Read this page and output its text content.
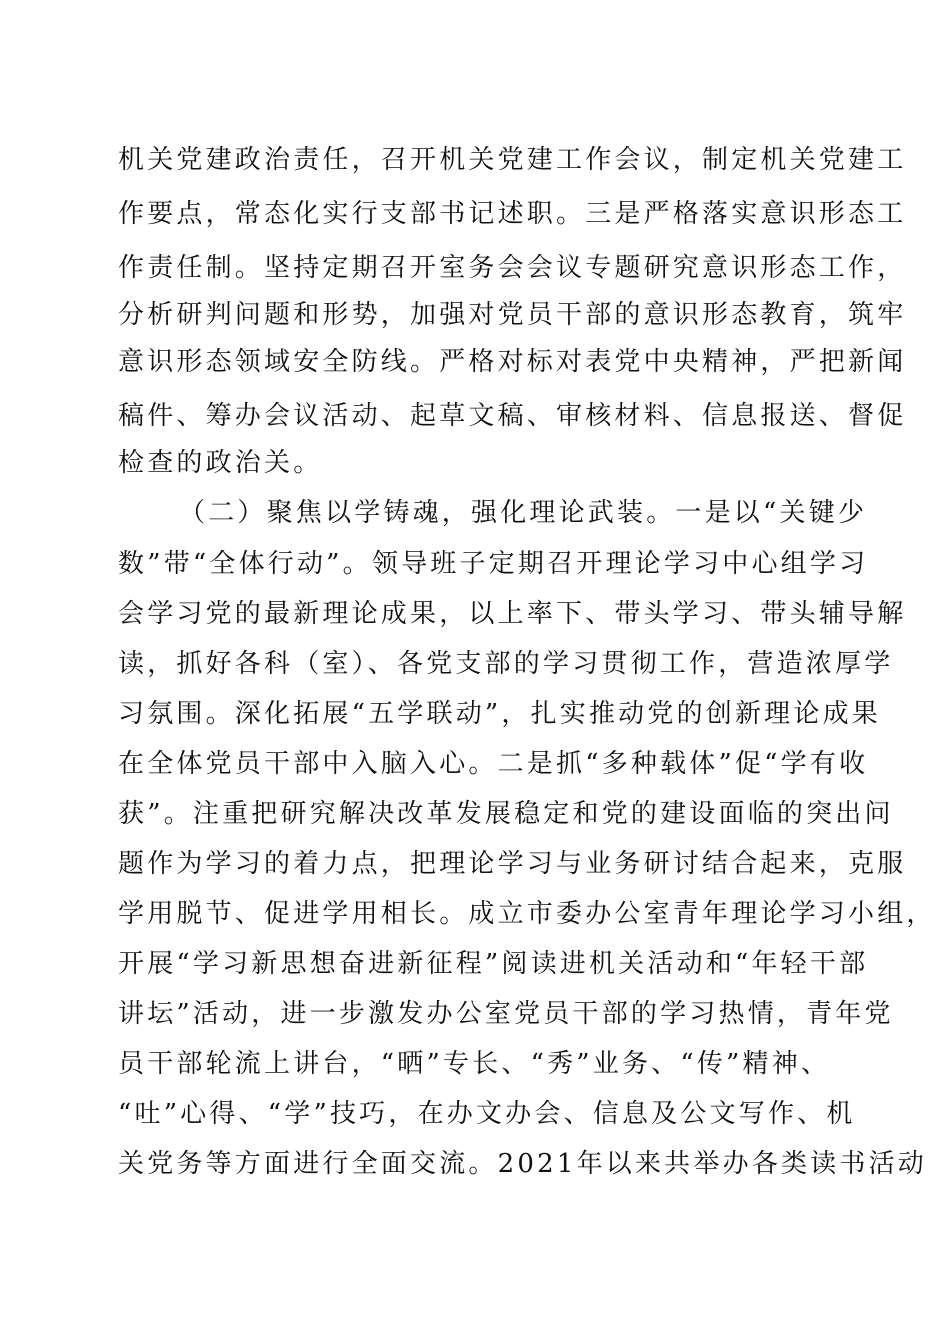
机关党建政治责任，召开机关党建工作会议，制定机关党建工
作要点，常态化实行支部书记述职。三是严格落实意识形态工
作责任制。坚持定期召开室务会会议专题研究意识形态工作，
分析研判问题和形势，加强对党员干部的意识形态教育，筑牢
意识形态领域安全防线。严格对标对表党中央精神，严把新闻
稿件、筹办会议活动、起草文稿、审核材料、信息报送、督促
检查的政治关。
（二）聚焦以学铸魂，强化理论武装。一是以“关键少
数”带“全体行动”。领导班子定期召开理论学习中心组学习
会学习党的最新理论成果，以上率下、带头学习、带头辅导解
读，抓好各科（室）、各党支部的学习贯彻工作，营造浓厚学
习氛围。深化拓展“五学联动”，扎实推动党的创新理论成果
在全体党员干部中入脑入心。二是抓“多种载体”促“学有收
获”。注重把研究解决改革发展稳定和党的建设面临的突出问
题作为学习的着力点，把理论学习与业务研讨结合起来，克服
学用脱节、促进学用相长。成立市委办公室青年理论学习小组，
开展“学习新思想奋进新征程”阅读进机关活动和“年轻干部
讲坛”活动，进一步激发办公室党员干部的学习热情，青年党
员干部轮流上讲台，“晒”专长、“秀”业务、“传”精神、
“吐”心得、“学”技巧，在办文办会、信息及公文写作、机
关党务等方面进行全面交流。2021年以来共举办各类读书活动
